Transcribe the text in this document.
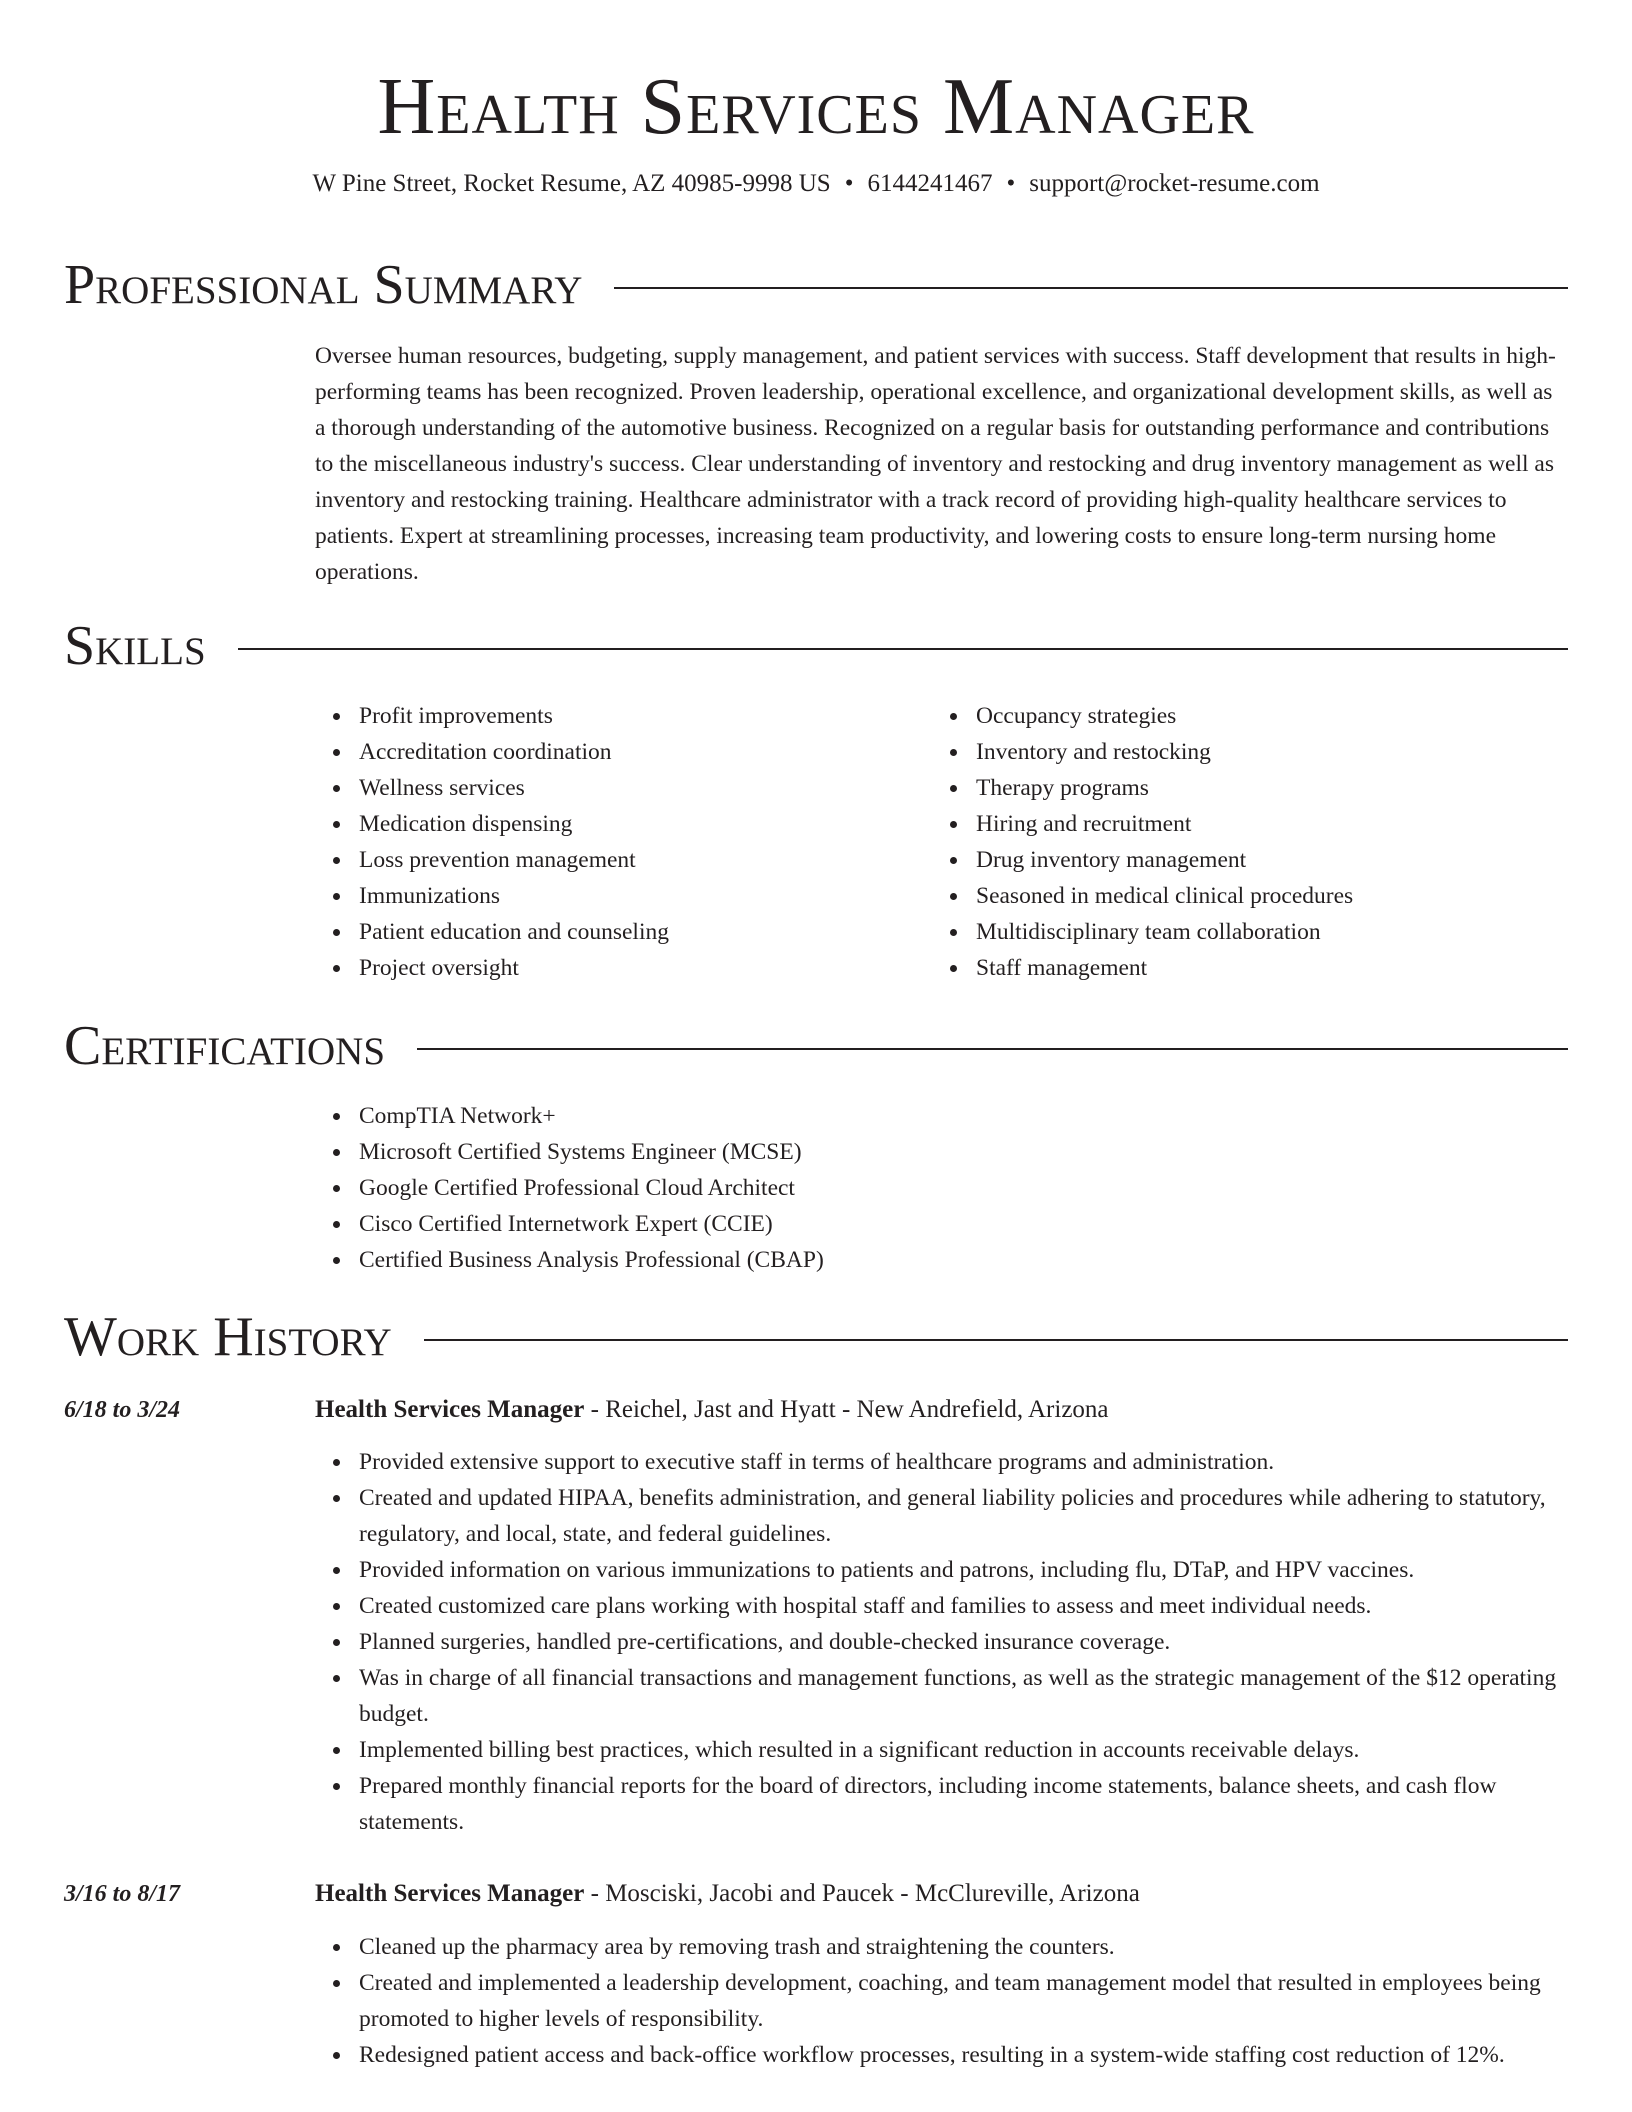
Health Services Manager
W Pine Street, Rocket Resume, AZ 40985-9998 US • 6144241467 • support@rocket-resume.com
Professional Summary

Oversee human resources, budgeting, supply management, and patient services with success. Staff development that results in high-performing teams has been recognized. Proven leadership, operational excellence, and organizational development skills, as well as a thorough understanding of the automotive business. Recognized on a regular basis for outstanding performance and contributions to the miscellaneous industry's success. Clear understanding of inventory and restocking and drug inventory management as well as inventory and restocking training. Healthcare administrator with a track record of providing high-quality healthcare services to patients. Expert at streamlining processes, increasing team productivity, and lowering costs to ensure long-term nursing home operations.

Skills
Profit improvements
Accreditation coordination
Wellness services
Medication dispensing
Loss prevention management
Immunizations
Patient education and counseling
Project oversight
Occupancy strategies
Inventory and restocking
Therapy programs
Hiring and recruitment
Drug inventory management
Seasoned in medical clinical procedures
Multidisciplinary team collaboration
Staff management
Certifications
CompTIA Network+
Microsoft Certified Systems Engineer (MCSE)
Google Certified Professional Cloud Architect
Cisco Certified Internetwork Expert (CCIE)
Certified Business Analysis Professional (CBAP)
Work History
6/18 to 3/24	Health Services Manager - Reichel, Jast and Hyatt - New Andrefield, Arizona
Provided extensive support to executive staff in terms of healthcare programs and administration.
Created and updated HIPAA, benefits administration, and general liability policies and procedures while adhering to statutory, regulatory, and local, state, and federal guidelines.
Provided information on various immunizations to patients and patrons, including flu, DTaP, and HPV vaccines.
Created customized care plans working with hospital staff and families to assess and meet individual needs.
Planned surgeries, handled pre-certifications, and double-checked insurance coverage.
Was in charge of all financial transactions and management functions, as well as the strategic management of the $12 operating budget.
Implemented billing best practices, which resulted in a significant reduction in accounts receivable delays.
Prepared monthly financial reports for the board of directors, including income statements, balance sheets, and cash flow statements.
3/16 to 8/17	Health Services Manager - Mosciski, Jacobi and Paucek - McClureville, Arizona
Cleaned up the pharmacy area by removing trash and straightening the counters.
Created and implemented a leadership development, coaching, and team management model that resulted in employees being promoted to higher levels of responsibility.
Redesigned patient access and back-office workflow processes, resulting in a system-wide staffing cost reduction of 12%.
